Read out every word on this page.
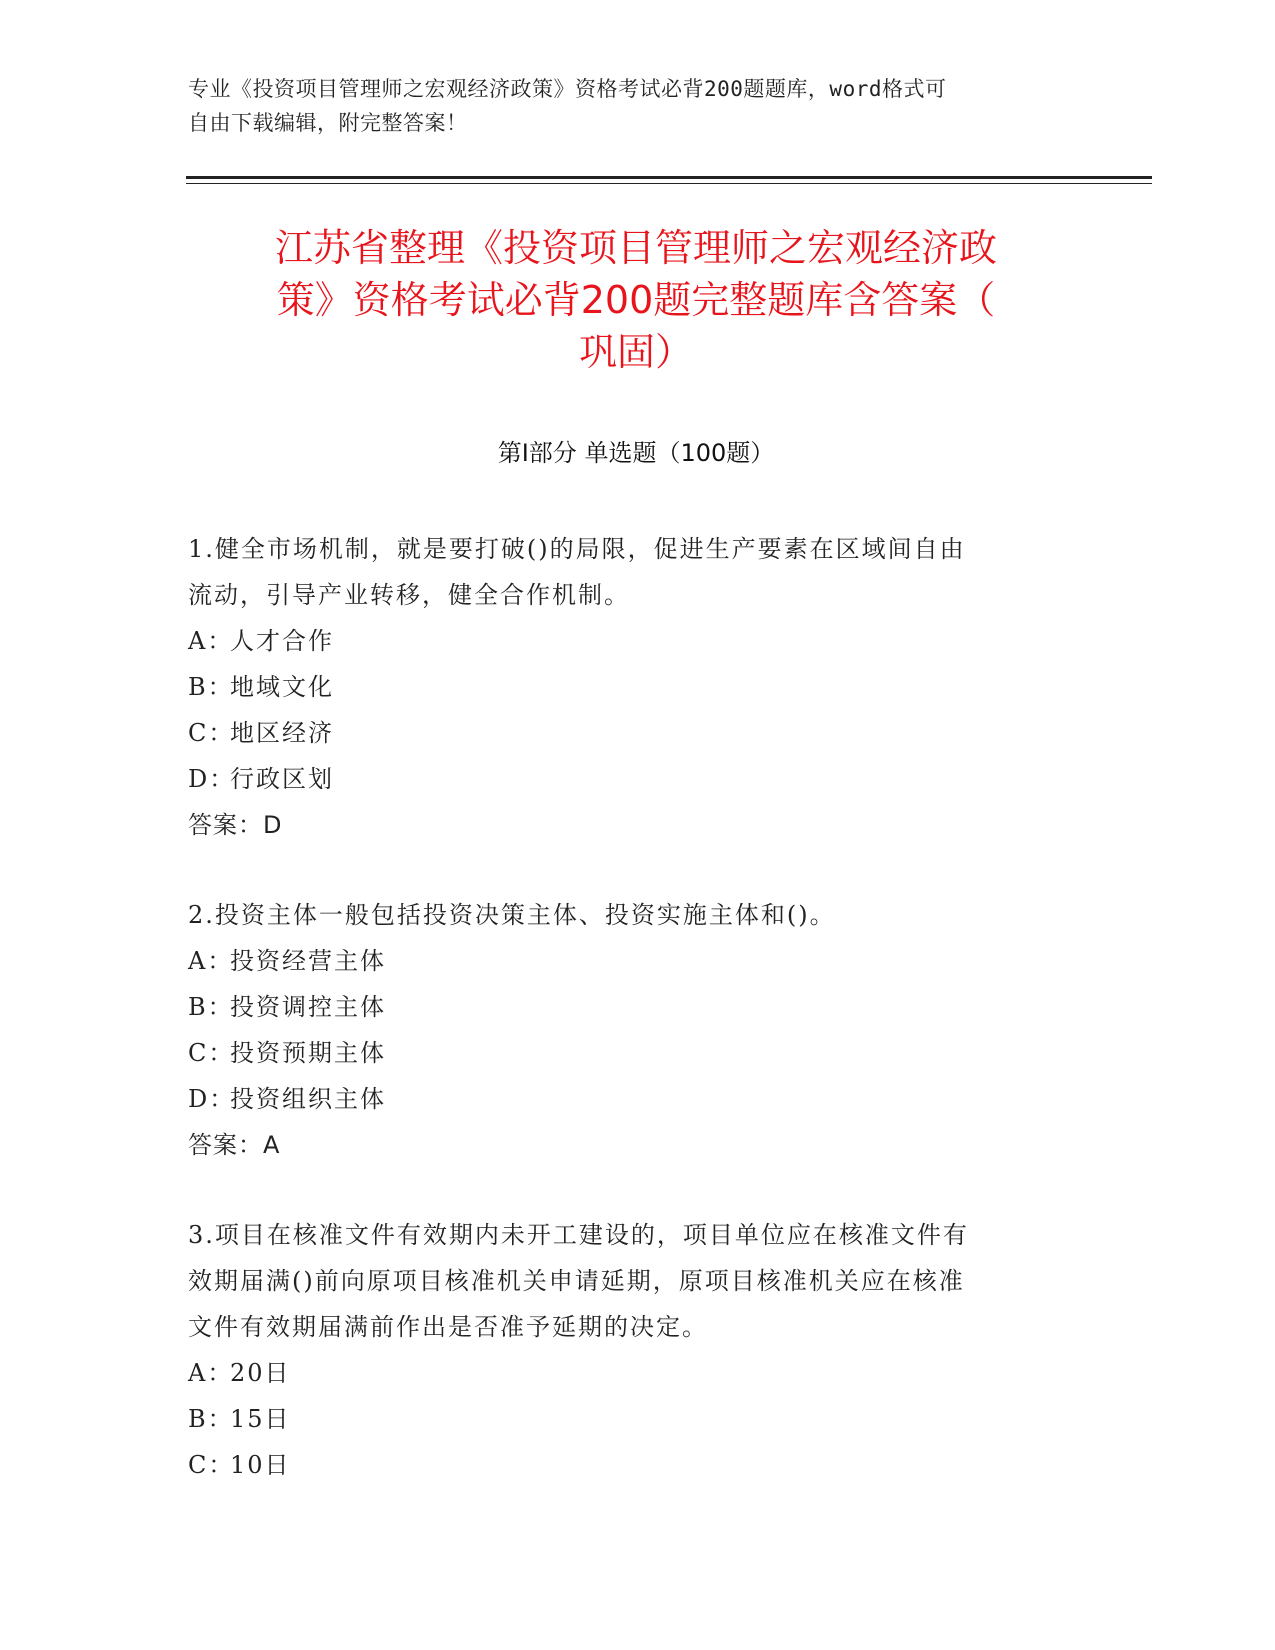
专业《投资项目管理师之宏观经济政策》资格考试必背200题题库，word格式可
自由下载编辑，附完整答案！
江苏省整理《投资项目管理师之宏观经济政
策》资格考试必背200题完整题库含答案（
巩固）
第Ⅰ部分 单选题（100题）
1.健全市场机制，就是要打破()的局限，促进生产要素在区域间自由
流动，引导产业转移，健全合作机制。
A：人才合作
B：地域文化
C：地区经济
D：行政区划
答案：D
2.投资主体一般包括投资决策主体、投资实施主体和()。
A：投资经营主体
B：投资调控主体
C：投资预期主体
D：投资组织主体
答案：A
3.项目在核准文件有效期内未开工建设的，项目单位应在核准文件有
效期届满()前向原项目核准机关申请延期，原项目核准机关应在核准
文件有效期届满前作出是否准予延期的决定。
A：20日
B：15日
C：10日
